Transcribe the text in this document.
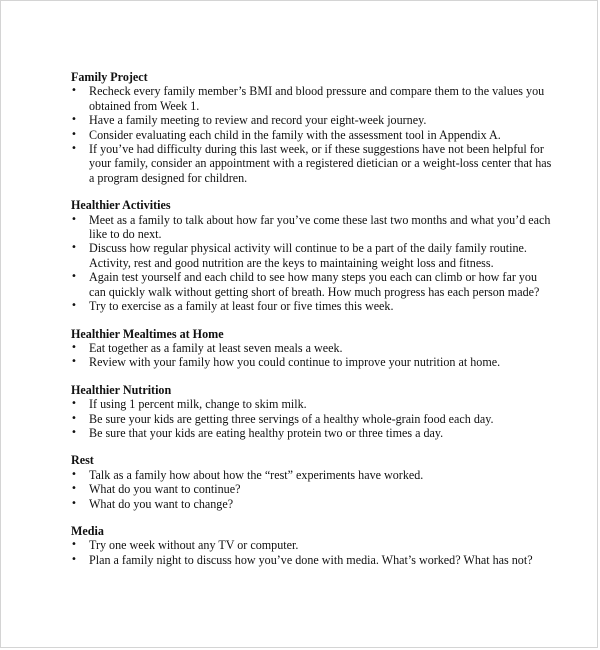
Family Project
• Recheck every family member’s BMI and blood pressure and compare them to the values you obtained from Week 1.
• Have a family meeting to review and record your eight-week journey.
• Consider evaluating each child in the family with the assessment tool in Appendix A.
• If you’ve had difficulty during this last week, or if these suggestions have not been helpful for your family, consider an appointment with a registered dietician or a weight-loss center that has a program designed for children.
Healthier Activities
• Meet as a family to talk about how far you’ve come these last two months and what you’d each like to do next.
• Discuss how regular physical activity will continue to be a part of the daily family routine. Activity, rest and good nutrition are the keys to maintaining weight loss and fitness.
• Again test yourself and each child to see how many steps you each can climb or how far you can quickly walk without getting short of breath. How much progress has each person made?
• Try to exercise as a family at least four or five times this week.
Healthier Mealtimes at Home
• Eat together as a family at least seven meals a week.
• Review with your family how you could continue to improve your nutrition at home.
Healthier Nutrition
• If using 1 percent milk, change to skim milk.
• Be sure your kids are getting three servings of a healthy whole-grain food each day.
• Be sure that your kids are eating healthy protein two or three times a day.
Rest
• Talk as a family how about how the “rest” experiments have worked.
• What do you want to continue?
• What do you want to change?
Media
• Try one week without any TV or computer.
• Plan a family night to discuss how you’ve done with media. What’s worked? What has not?
